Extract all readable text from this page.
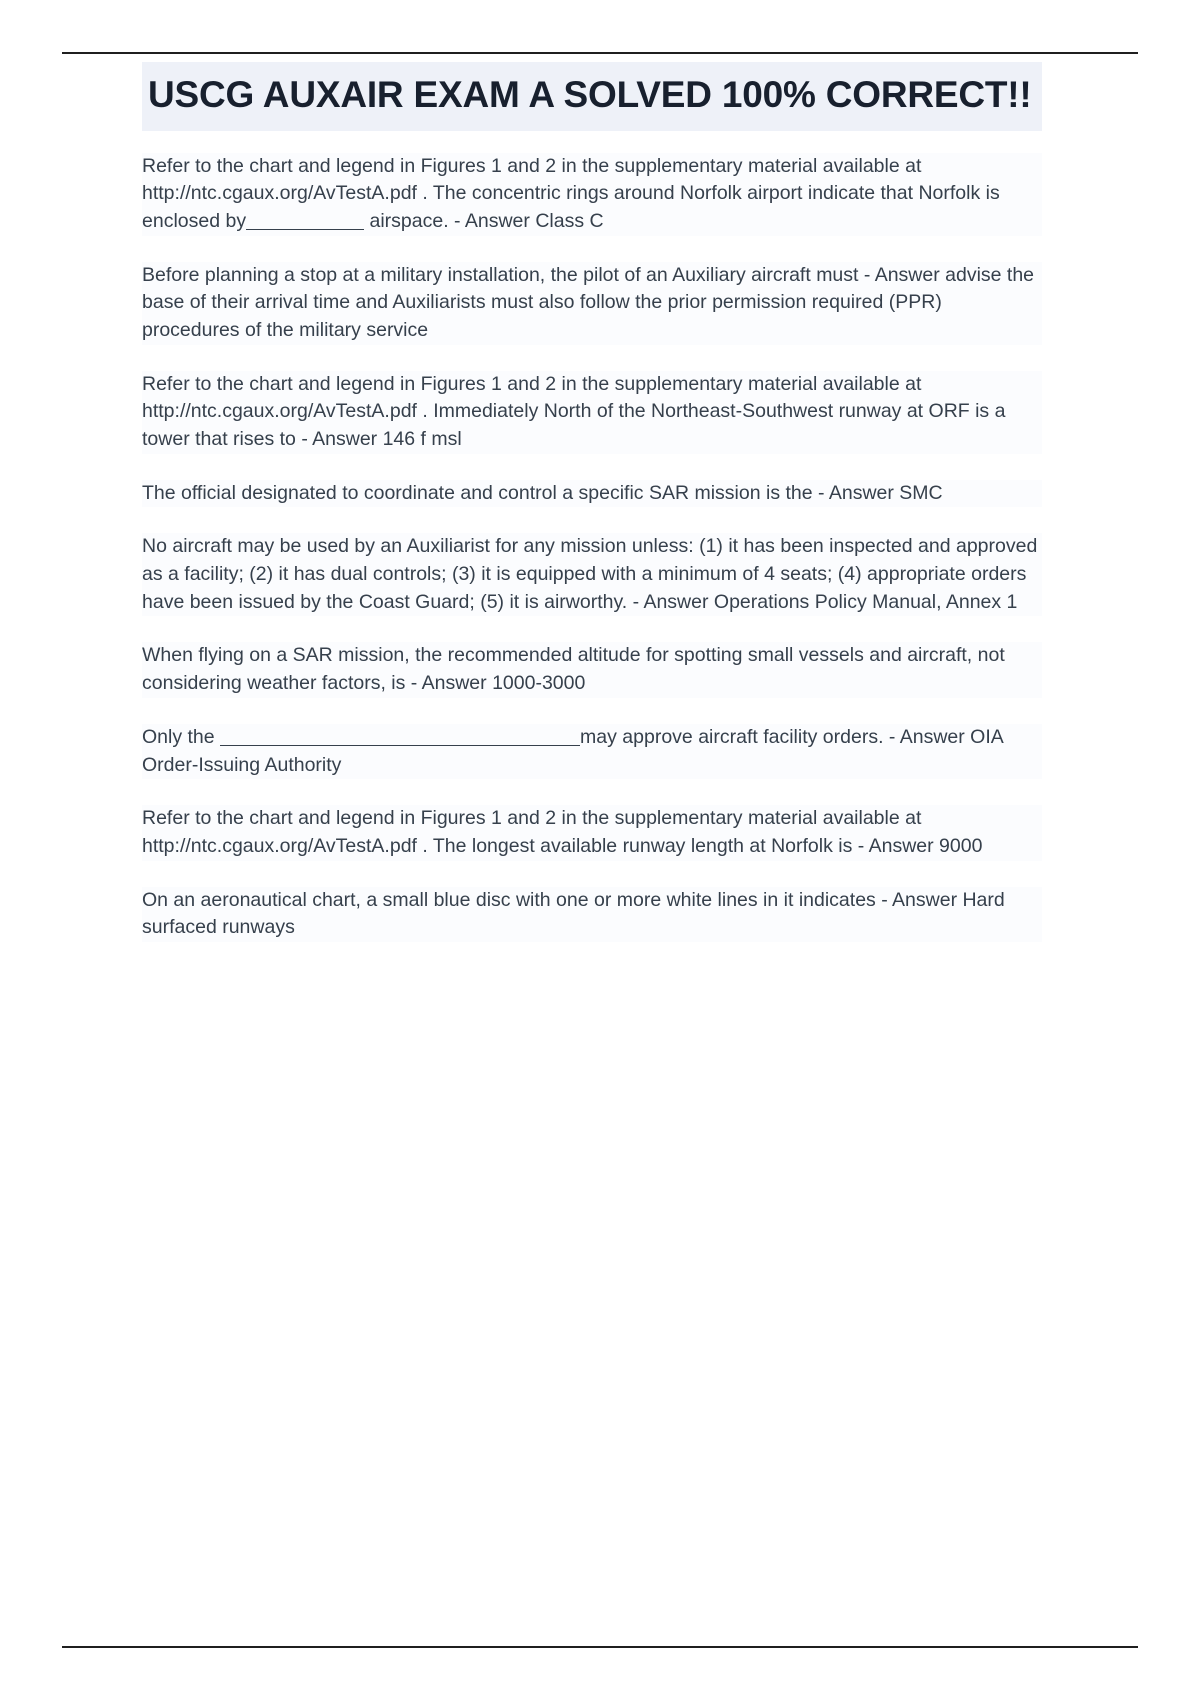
USCG AUXAIR EXAM A SOLVED 100% CORRECT!!

Refer to the chart and legend in Figures 1 and 2 in the supplementary material available at http://ntc.cgaux.org/AvTestA.pdf . The concentric rings around Norfolk airport indicate that Norfolk is enclosed by	airspace. - Answer Class C

Before planning a stop at a military installation, the pilot of an Auxiliary aircraft must - Answer advise the base of their arrival time and Auxiliarists must also follow the prior permission required (PPR) procedures of the military service

Refer to the chart and legend in Figures 1 and 2 in the supplementary material available at http://ntc.cgaux.org/AvTestA.pdf . Immediately North of the Northeast-Southwest runway at ORF is a tower that rises to - Answer 146 f msl

The official designated to coordinate and control a specific SAR mission is the - Answer SMC

No aircraft may be used by an Auxiliarist for any mission unless: (1) it has been inspected and approved as a facility; (2) it has dual controls; (3) it is equipped with a minimum of 4 seats; (4) appropriate orders have been issued by the Coast Guard; (5) it is airworthy. - Answer Operations Policy Manual, Annex 1

When flying on a SAR mission, the recommended altitude for spotting small vessels and aircraft, not considering weather factors, is - Answer 1000-3000

Only the	may approve aircraft facility orders. - Answer OIA Order-Issuing Authority

Refer to the chart and legend in Figures 1 and 2 in the supplementary material available at http://ntc.cgaux.org/AvTestA.pdf . The longest available runway length at Norfolk is - Answer 9000

On an aeronautical chart, a small blue disc with one or more white lines in it indicates - Answer Hard surfaced runways
